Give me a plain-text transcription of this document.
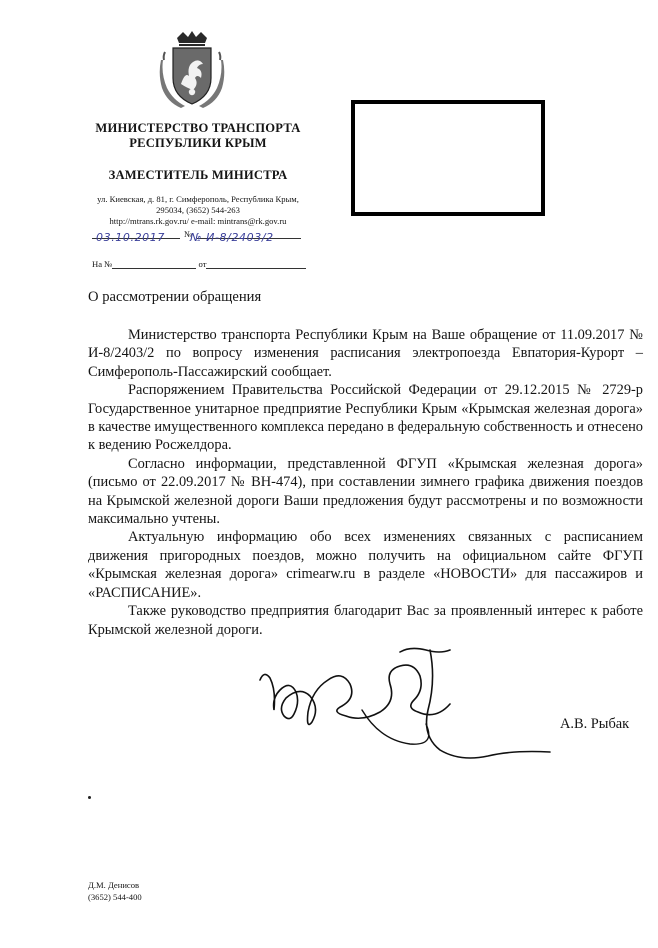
МИНИСТЕРСТВО ТРАНСПОРТА
РЕСПУБЛИКИ КРЫМ
ЗАМЕСТИТЕЛЬ МИНИСТРА
ул. Киевская, д. 81, г. Симферополь, Республика Крым,
295034, (3652) 544-263
http://mtrans.rk.gov.ru/ e-mail: mintrans@rk.gov.ru
№
03.10.2017 № И-8/2403/2
На №	от
О рассмотрении обращения

Министерство транспорта Республики Крым на Ваше обращение от 11.09.2017 № И-8/2403/2 по вопросу изменения расписания электропоезда Евпатория-Курорт – Симферополь-Пассажирский сообщает.

Распоряжением Правительства Российской Федерации от 29.12.2015 № 2729-р Государственное унитарное предприятие Республики Крым «Крымская железная дорога» в качестве имущественного комплекса передано в федеральную собственность и отнесено к ведению Росжелдора.

Согласно информации, представленной ФГУП «Крымская железная дорога» (письмо от 22.09.2017 № ВН-474), при составлении зимнего графика движения поездов на Крымской железной дороги Ваши предложения будут рассмотрены и по возможности максимально учтены.

Актуальную информацию обо всех изменениях связанных с расписанием движения пригородных поездов, можно получить на официальном сайте ФГУП «Крымская железная дорога» crimearw.ru в разделе «НОВОСТИ» для пассажиров и «РАСПИСАНИЕ».

Также руководство предприятия благодарит Вас за проявленный интерес к работе Крымской железной дороги.

А.В. Рыбак
Д.М. Денисов
(3652) 544-400
